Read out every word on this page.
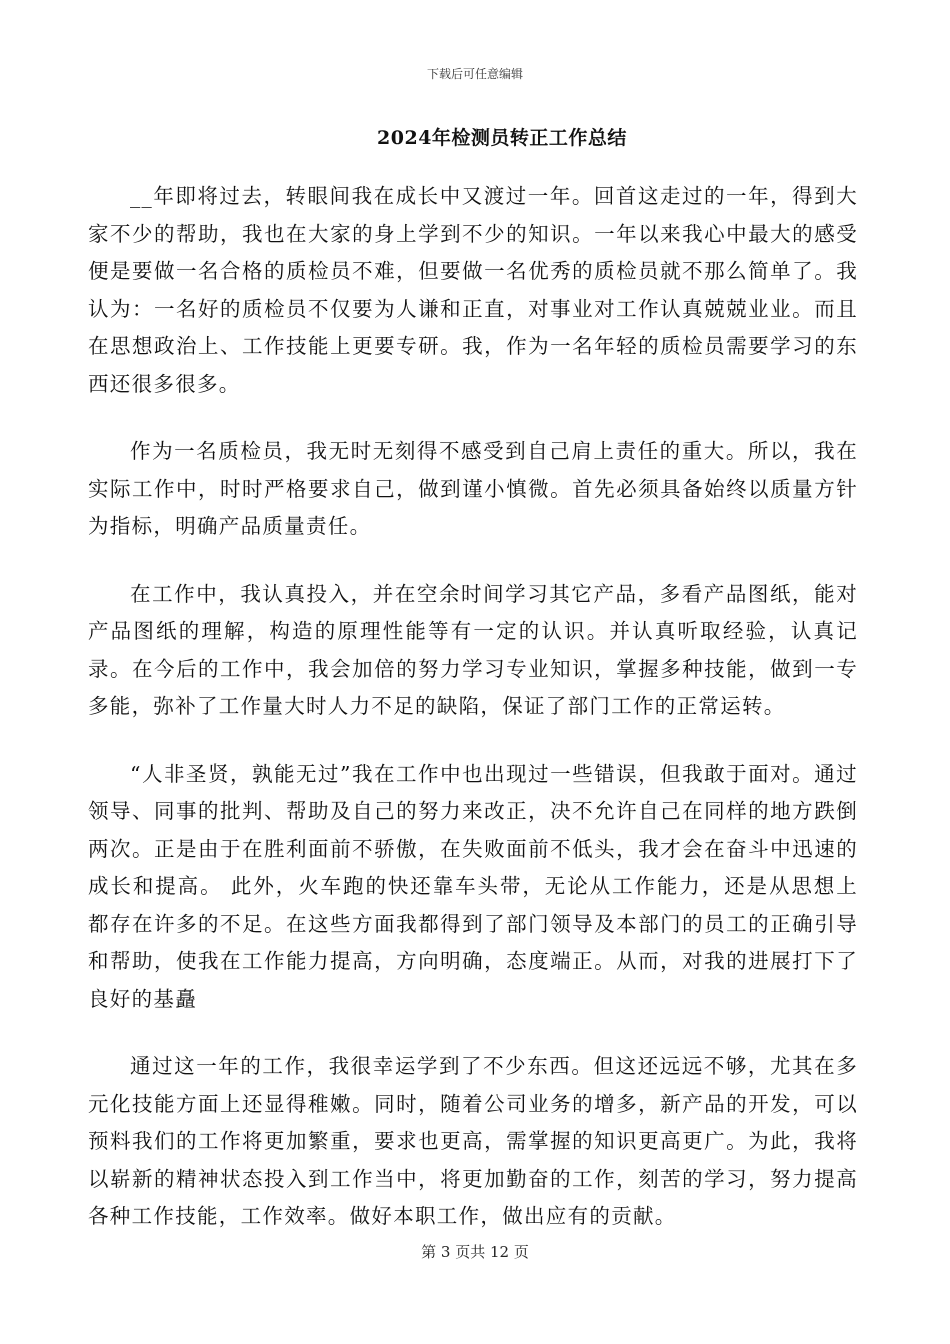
下载后可任意编辑
2024年检测员转正工作总结

__年即将过去，转眼间我在成长中又渡过一年。回首这走过的一年，得到大家不少的帮助，我也在大家的身上学到不少的知识。一年以来我心中最大的感受便是要做一名合格的质检员不难，但要做一名优秀的质检员就不那么简单了。我认为：一名好的质检员不仅要为人谦和正直，对事业对工作认真兢兢业业。而且在思想政治上、工作技能上更要专研。我，作为一名年轻的质检员需要学习的东西还很多很多。

作为一名质检员，我无时无刻得不感受到自己肩上责任的重大。所以，我在实际工作中，时时严格要求自己，做到谨小慎微。首先必须具备始终以质量方针为指标，明确产品质量责任。

在工作中，我认真投入，并在空余时间学习其它产品，多看产品图纸，能对产品图纸的理解，构造的原理性能等有一定的认识。并认真听取经验，认真记录。在今后的工作中，我会加倍的努力学习专业知识，掌握多种技能，做到一专多能，弥补了工作量大时人力不足的缺陷，保证了部门工作的正常运转。

“人非圣贤，孰能无过”我在工作中也出现过一些错误，但我敢于面对。通过领导、同事的批判、帮助及自己的努力来改正，决不允许自己在同样的地方跌倒两次。正是由于在胜利面前不骄傲，在失败面前不低头，我才会在奋斗中迅速的成长和提高。 此外，火车跑的快还靠车头带，无论从工作能力，还是从思想上都存在许多的不足。在这些方面我都得到了部门领导及本部门的员工的正确引导和帮助，使我在工作能力提高，方向明确，态度端正。从而，对我的进展打下了良好的基矗

通过这一年的工作，我很幸运学到了不少东西。但这还远远不够，尤其在多元化技能方面上还显得稚嫩。同时，随着公司业务的增多，新产品的开发，可以预料我们的工作将更加繁重，要求也更高，需掌握的知识更高更广。为此，我将以崭新的精神状态投入到工作当中，将更加勤奋的工作，刻苦的学习，努力提高各种工作技能，工作效率。做好本职工作，做出应有的贡献。

第 3 页共 12 页
